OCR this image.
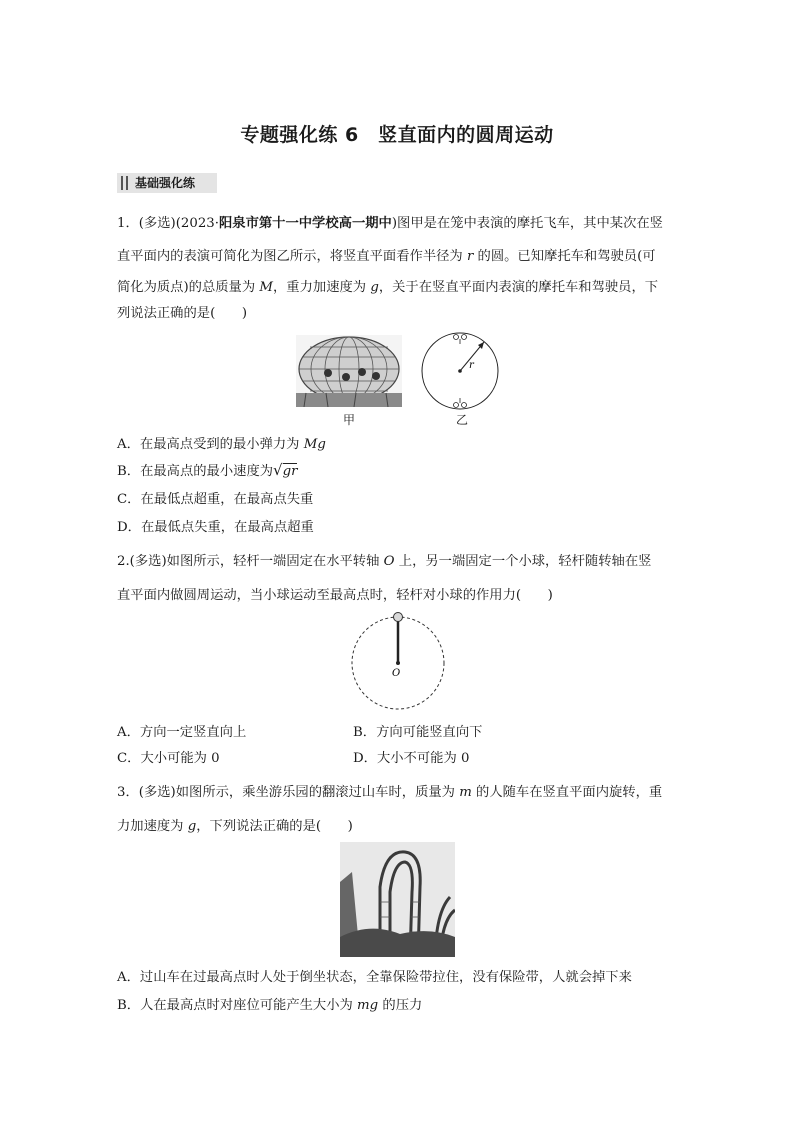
专题强化练 6　竖直面内的圆周运动
基础强化练
1．(多选)(2023·阳泉市第十一中学校高一期中)图甲是在笼中表演的摩托飞车，其中某次在竖
直平面内的表演可简化为图乙所示，将竖直平面看作半径为 r 的圆。已知摩托车和驾驶员(可
简化为质点)的总质量为 M，重力加速度为 g，关于在竖直平面内表演的摩托车和驾驶员，下
列说法正确的是(　　)
甲
r
乙
A．在最高点受到的最小弹力为 Mg
B．在最高点的最小速度为√gr
C．在最低点超重，在最高点失重
D．在最低点失重，在最高点超重
2.(多选)如图所示，轻杆一端固定在水平转轴 O 上，另一端固定一个小球，轻杆随转轴在竖
直平面内做圆周运动，当小球运动至最高点时，轻杆对小球的作用力(　　)
O
A．方向一定竖直向上	B．方向可能竖直向下
C．大小可能为 0	D．大小不可能为 0
3．(多选)如图所示，乘坐游乐园的翻滚过山车时，质量为 m 的人随车在竖直平面内旋转，重
力加速度为 g，下列说法正确的是(　　)
A．过山车在过最高点时人处于倒坐状态，全靠保险带拉住，没有保险带，人就会掉下来
B．人在最高点时对座位可能产生大小为 mg 的压力
